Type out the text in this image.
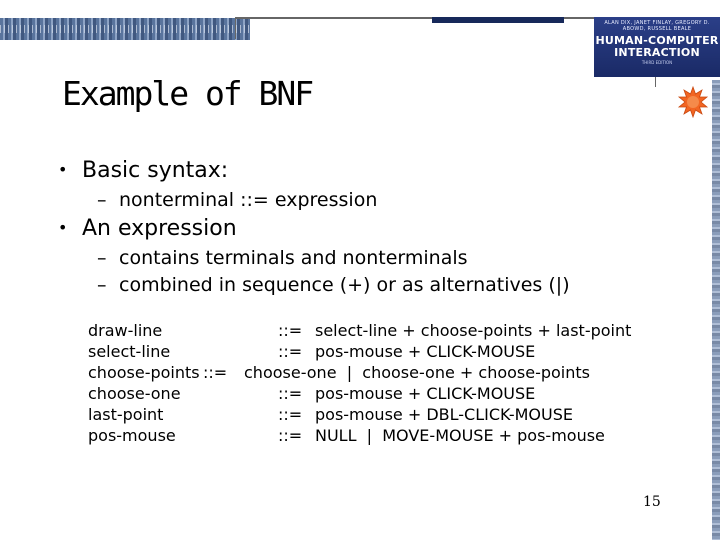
ALAN DIX, JANET FINLAY, GREGORY D. ABOWD, RUSSELL BEALE
HUMAN-COMPUTER
INTERACTION
THIRD EDITION
Example of BNF
• Basic syntax:
– nonterminal ::= expression
• An expression
– contains terminals and nonterminals
– combined in sequence (+) or as alternatives (|)
draw-line	::= select-line + choose-points + last-point
select-line	::= pos-mouse + CLICK-MOUSE
choose-points ::= choose-one  |  choose-one + choose-points
choose-one	::= pos-mouse + CLICK-MOUSE
last-point	::= pos-mouse + DBL-CLICK-MOUSE
pos-mouse	::= NULL  |  MOVE-MOUSE + pos-mouse
15
